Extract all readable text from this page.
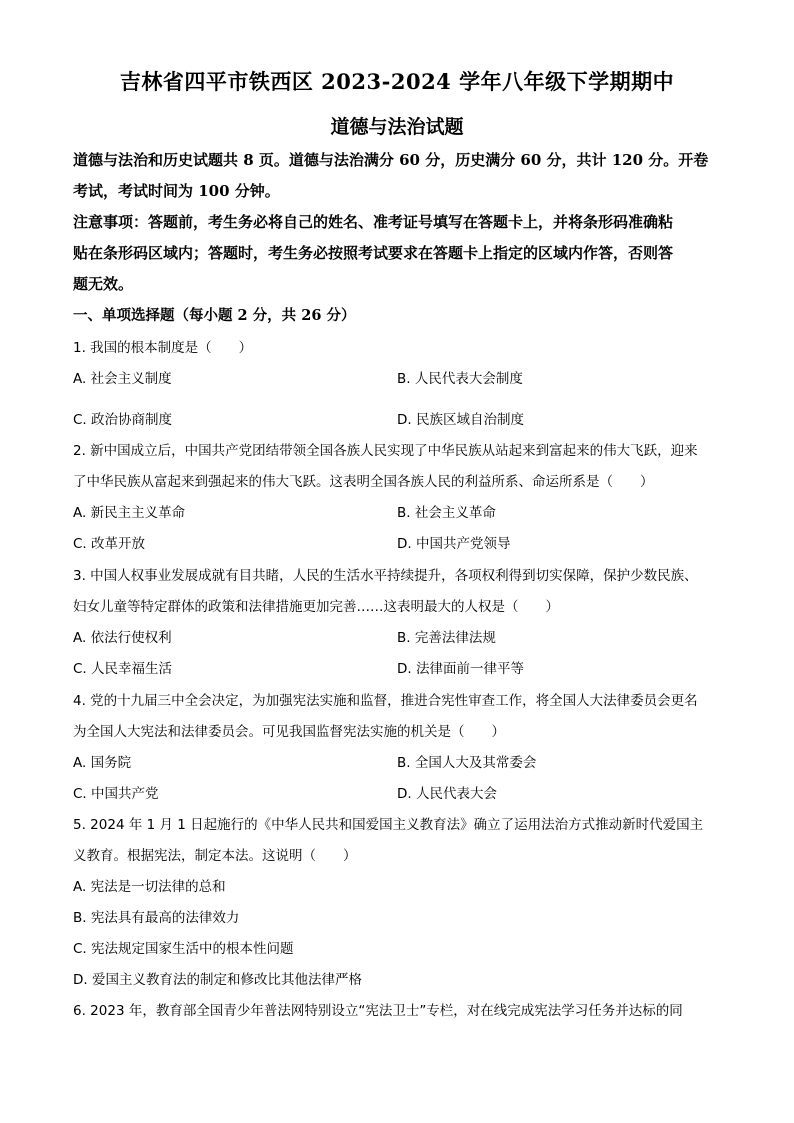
吉林省四平市铁西区 2023-2024 学年八年级下学期期中
道德与法治试题
道德与法治和历史试题共 8 页。道德与法治满分 60 分，历史满分 60 分，共计 120 分。开卷
考试，考试时间为 100 分钟。
注意事项：答题前，考生务必将自己的姓名、准考证号填写在答题卡上，并将条形码准确粘
贴在条形码区域内；答题时，考生务必按照考试要求在答题卡上指定的区域内作答，否则答
题无效。
一、单项选择题（每小题 2 分，共 26 分）
1. 我国的根本制度是（　　）
A. 社会主义制度	B. 人民代表大会制度
C. 政治协商制度	D. 民族区域自治制度
2. 新中国成立后，中国共产党团结带领全国各族人民实现了中华民族从站起来到富起来的伟大飞跃，迎来
了中华民族从富起来到强起来的伟大飞跃。这表明全国各族人民的利益所系、命运所系是（　　）
A. 新民主主义革命	B. 社会主义革命
C. 改革开放	D. 中国共产党领导
3. 中国人权事业发展成就有目共睹，人民的生活水平持续提升，各项权利得到切实保障，保护少数民族、
妇女儿童等特定群体的政策和法律措施更加完善……这表明最大的人权是（　　）
A. 依法行使权利	B. 完善法律法规
C. 人民幸福生活	D. 法律面前一律平等
4. 党的十九届三中全会决定，为加强宪法实施和监督，推进合宪性审查工作，将全国人大法律委员会更名
为全国人大宪法和法律委员会。可见我国监督宪法实施的机关是（　　）
A. 国务院	B. 全国人大及其常委会
C. 中国共产党	D. 人民代表大会
5. 2024 年 1 月 1 日起施行的《中华人民共和国爱国主义教育法》确立了运用法治方式推动新时代爱国主
义教育。根据宪法，制定本法。这说明（　　）
A. 宪法是一切法律的总和
B. 宪法具有最高的法律效力
C. 宪法规定国家生活中的根本性问题
D. 爱国主义教育法的制定和修改比其他法律严格
6. 2023 年，教育部全国青少年普法网特别设立“宪法卫士”专栏，对在线完成宪法学习任务并达标的同
